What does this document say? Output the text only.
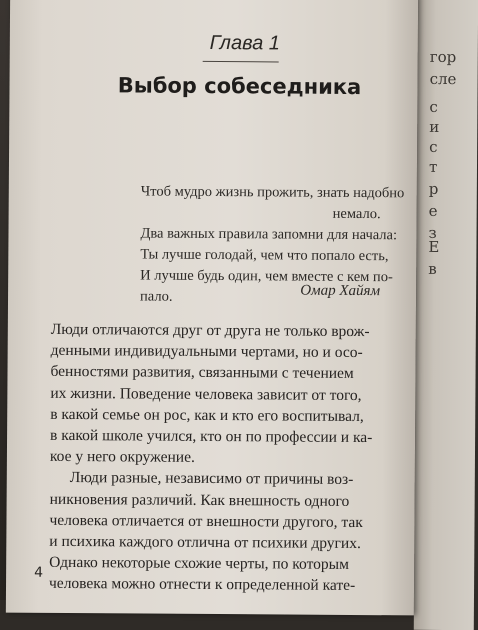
гор
сле
с
и
с
т
р
е
з
Е
в
Глава 1
Выбор собеседника
Чтоб мудро жизнь прожить, знать надобно
немало.
Два важных правила запомни для начала:
Ты лучше голодай, чем что попало есть,
И лучше будь один, чем вместе с кем по-
пало.	Омар Хайям
Люди отличаются друг от друга не только врож-
денными индивидуальными чертами, но и осо-
бенностями развития, связанными с течением
их жизни. Поведение человека зависит от того,
в какой семье он рос, как и кто его воспитывал,
в какой школе учился, кто он по профессии и ка-
кое у него окружение.
Люди разные, независимо от причины воз-
никновения различий. Как внешность одного
человека отличается от внешности другого, так
и психика каждого отлична от психики других.
Однако некоторые схожие черты, по которым
человека можно отнести к определенной кате-
4
